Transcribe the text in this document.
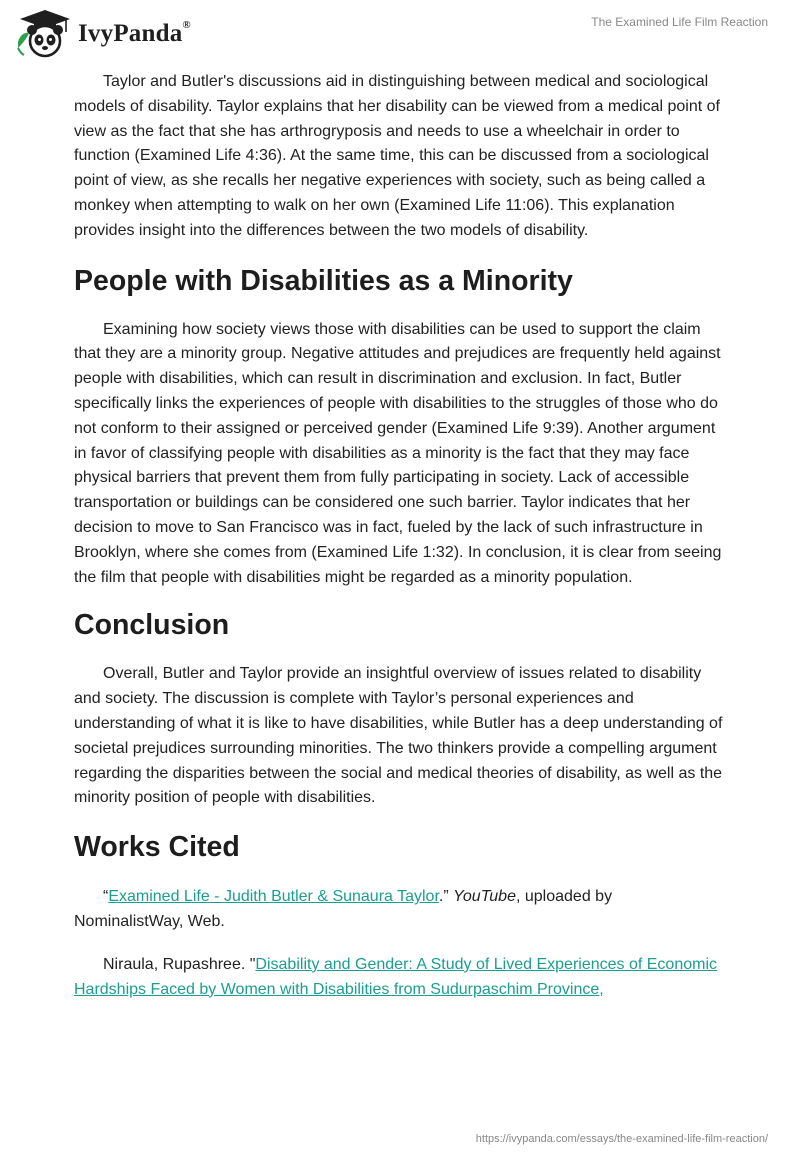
IvyPanda®	The Examined Life Film Reaction

Taylor and Butler's discussions aid in distinguishing between medical and sociological models of disability. Taylor explains that her disability can be viewed from a medical point of view as the fact that she has arthrogryposis and needs to use a wheelchair in order to function (Examined Life 4:36). At the same time, this can be discussed from a sociological point of view, as she recalls her negative experiences with society, such as being called a monkey when attempting to walk on her own (Examined Life 11:06). This explanation provides insight into the differences between the two models of disability.

People with Disabilities as a Minority

Examining how society views those with disabilities can be used to support the claim that they are a minority group. Negative attitudes and prejudices are frequently held against people with disabilities, which can result in discrimination and exclusion. In fact, Butler specifically links the experiences of people with disabilities to the struggles of those who do not conform to their assigned or perceived gender (Examined Life 9:39). Another argument in favor of classifying people with disabilities as a minority is the fact that they may face physical barriers that prevent them from fully participating in society. Lack of accessible transportation or buildings can be considered one such barrier. Taylor indicates that her decision to move to San Francisco was in fact, fueled by the lack of such infrastructure in Brooklyn, where she comes from (Examined Life 1:32). In conclusion, it is clear from seeing the film that people with disabilities might be regarded as a minority population.

Conclusion

Overall, Butler and Taylor provide an insightful overview of issues related to disability and society. The discussion is complete with Taylor’s personal experiences and understanding of what it is like to have disabilities, while Butler has a deep understanding of societal prejudices surrounding minorities. The two thinkers provide a compelling argument regarding the disparities between the social and medical theories of disability, as well as the minority position of people with disabilities.

Works Cited

“Examined Life - Judith Butler & Sunaura Taylor.” YouTube, uploaded by NominalistWay, Web.

Niraula, Rupashree. "Disability and Gender: A Study of Lived Experiences of Economic Hardships Faced by Women with Disabilities from Sudurpaschim Province,

https://ivypanda.com/essays/the-examined-life-film-reaction/
